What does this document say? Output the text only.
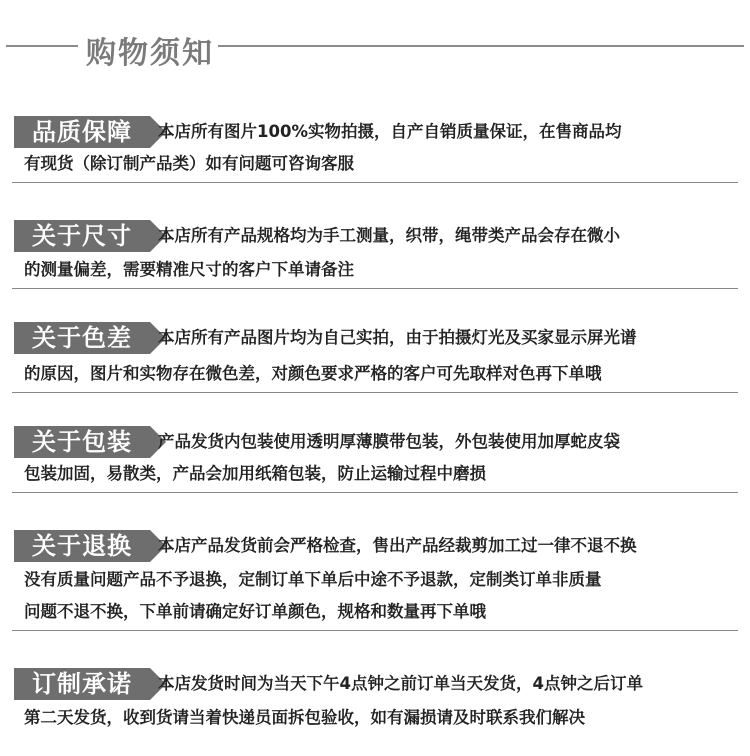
购物须知
品质保障	本店所有图片100%实物拍摄，自产自销质量保证，在售商品均
有现货（除订制产品类）如有问题可咨询客服
关于尺寸	本店所有产品规格均为手工测量，织带，绳带类产品会存在微小
的测量偏差，需要精准尺寸的客户下单请备注
关于色差	本店所有产品图片均为自己实拍，由于拍摄灯光及买家显示屏光谱
的原因，图片和实物存在微色差，对颜色要求严格的客户可先取样对色再下单哦
关于包装	产品发货内包装使用透明厚薄膜带包装，外包装使用加厚蛇皮袋
包装加固，易散类，产品会加用纸箱包装，防止运输过程中磨损
关于退换	本店产品发货前会严格检查，售出产品经裁剪加工过一律不退不换
没有质量问题产品不予退换，定制订单下单后中途不予退款，定制类订单非质量
问题不退不换，下单前请确定好订单颜色，规格和数量再下单哦
订制承诺	本店发货时间为当天下午4点钟之前订单当天发货，4点钟之后订单
第二天发货，收到货请当着快递员面拆包验收，如有漏损请及时联系我们解决
